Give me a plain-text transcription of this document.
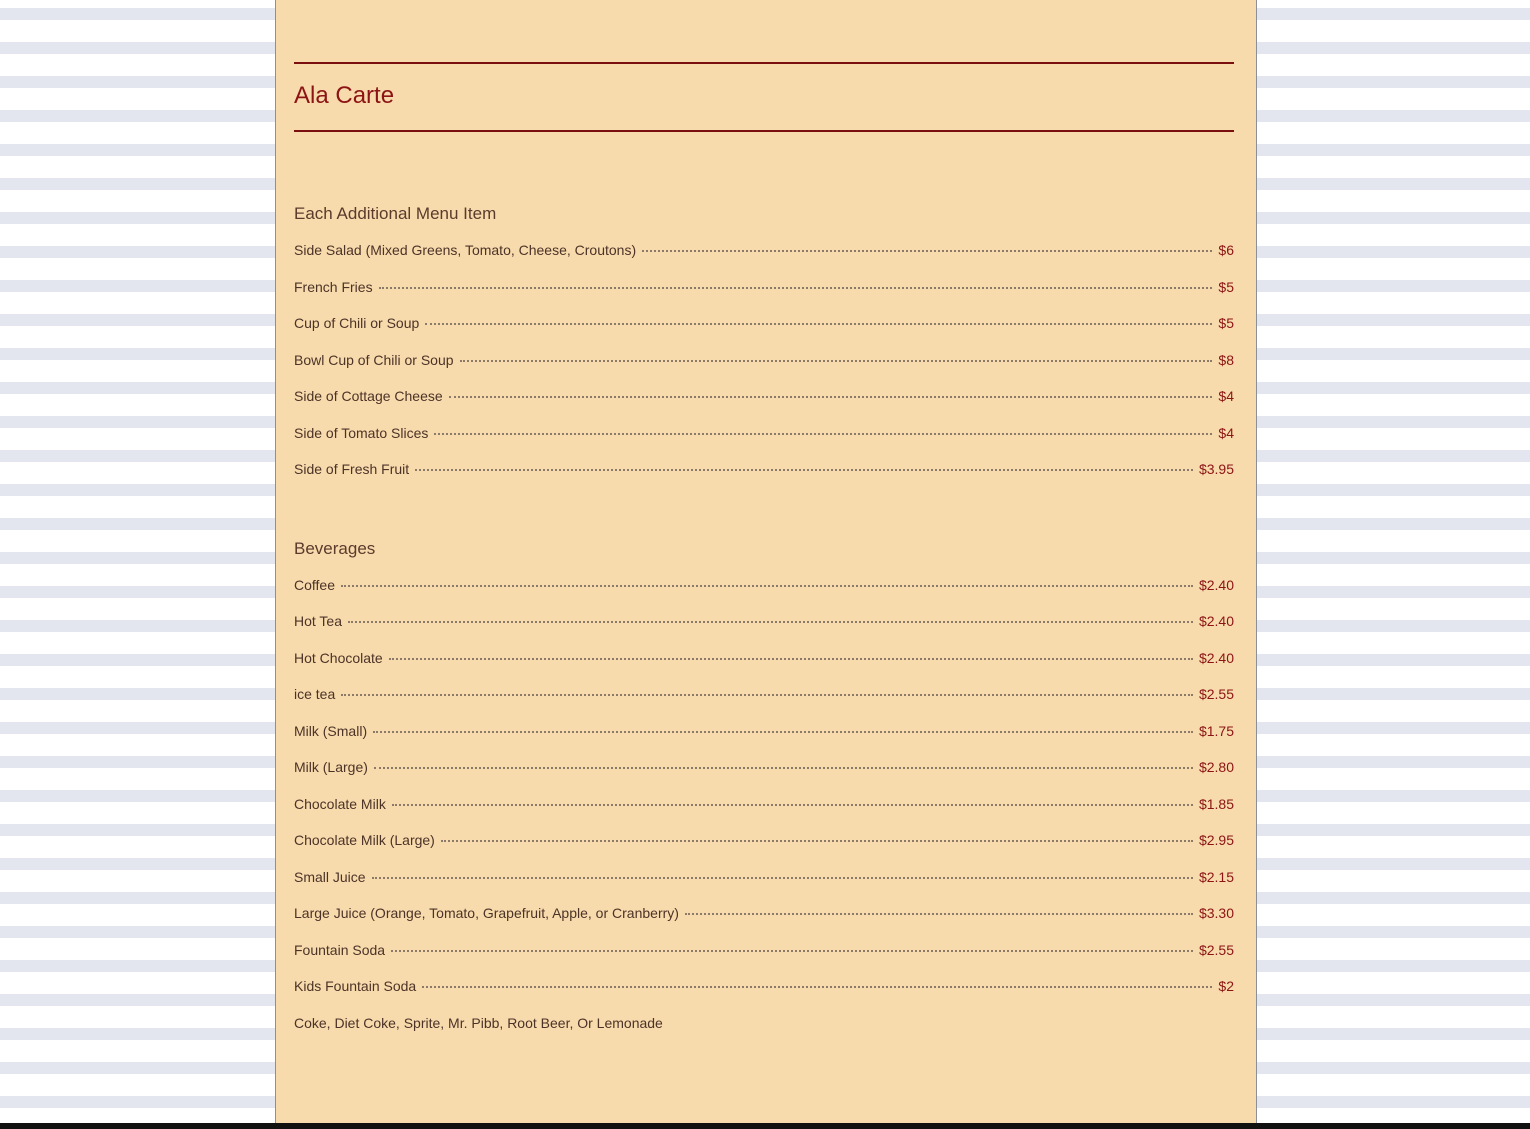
Ala Carte
Each Additional Menu Item
Side Salad (Mixed Greens, Tomato, Cheese, Croutons)	$6
French Fries	$5
Cup of Chili or Soup	$5
Bowl Cup of Chili or Soup	$8
Side of Cottage Cheese	$4
Side of Tomato Slices	$4
Side of Fresh Fruit	$3.95
Beverages
Coffee	$2.40
Hot Tea	$2.40
Hot Chocolate	$2.40
ice tea	$2.55
Milk (Small)	$1.75
Milk (Large)	$2.80
Chocolate Milk	$1.85
Chocolate Milk (Large)	$2.95
Small Juice	$2.15
Large Juice (Orange, Tomato, Grapefruit, Apple, or Cranberry)	$3.30
Fountain Soda	$2.55
Kids Fountain Soda	$2
Coke, Diet Coke, Sprite, Mr. Pibb, Root Beer, Or Lemonade
